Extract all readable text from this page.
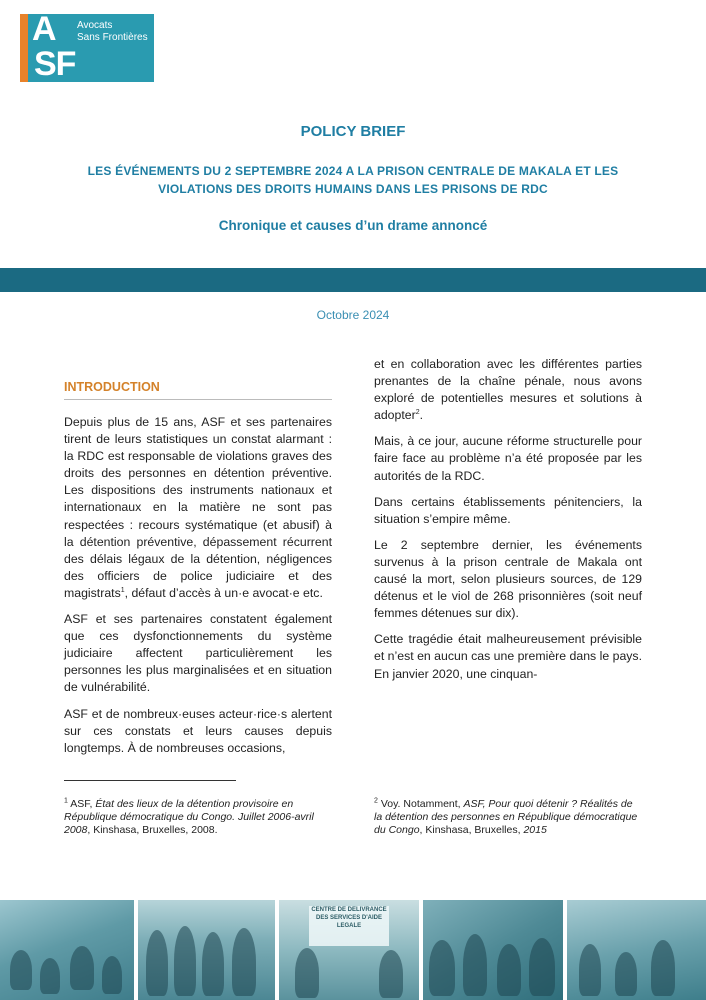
A
SF
Avocats
Sans Frontières
POLICY BRIEF
LES ÉVÉNEMENTS DU 2 SEPTEMBRE 2024 A LA PRISON CENTRALE DE MAKALA ET LES
VIOLATIONS DES DROITS HUMAINS DANS LES PRISONS DE RDC
Chronique et causes d’un drame annoncé
Octobre 2024
INTRODUCTION

Depuis plus de 15 ans, ASF et ses partenaires tirent de leurs statistiques un constat alarmant : la RDC est responsable de violations graves des droits des personnes en détention préventive. Les dispositions des instruments nationaux et internationaux en la matière ne sont pas respectées : recours systématique (et abusif) à la détention préventive, dépassement récurrent des délais légaux de la détention, négligences des officiers de police judiciaire et des magistrats$^1$, défaut d’accès à un·e avocat·e etc.

ASF et ses partenaires constatent également que ces dysfonctionnements du système judiciaire affectent particulièrement les personnes les plus marginalisées et en situation de vulnérabilité.

ASF et de nombreux·euses acteur·rice·s alertent sur ces constats et leurs causes depuis longtemps. À de nombreuses occasions,

et en collaboration avec les différentes parties prenantes de la chaîne pénale, nous avons exploré de potentielles mesures et solutions à adopter$^2$.

Mais, à ce jour, aucune réforme structurelle pour faire face au problème n’a été proposée par les autorités de la RDC.

Dans certains établissements pénitenciers, la situation s’empire même.

Le 2 septembre dernier, les événements survenus à la prison centrale de Makala ont causé la mort, selon plusieurs sources, de 129 détenus et le viol de 268 prisonnières (soit neuf femmes détenues sur dix).

Cette tragédie était malheureusement prévisible et n’est en aucun cas une première dans le pays. En janvier 2020, une cinquan-

$^1$ ASF, État des lieux de la détention provisoire en République démocratique du Congo. Juillet 2006-avril 2008, Kinshasa, Bruxelles, 2008.
$^2$ Voy. Notamment, ASF, Pour quoi détenir ? Réalités de la détention des personnes en République démocratique du Congo, Kinshasa, Bruxelles, 2015
CENTRE DE DELIVRANCE DES SERVICES D'AIDE LEGALE
